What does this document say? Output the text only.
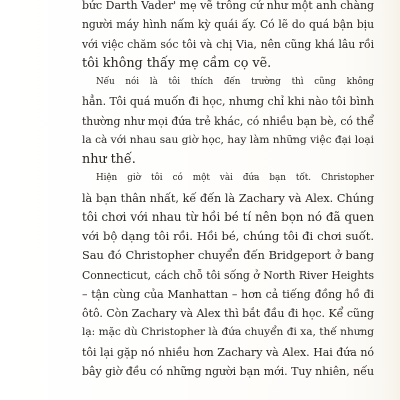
bức Darth Vader' mẹ vẽ trông cứ như một anh chàng
người máy hình nấm kỳ quái ấy. Có lẽ do quá bận bịu
với việc chăm sóc tôi và chị Via, nên cũng khá lâu rồi
tôi không thấy mẹ cầm cọ vẽ.
Nếu nói là tôi thích đến trường thì cũng không
hẳn. Tôi quá muốn đi học, nhưng chỉ khi nào tôi bình
thường như mọi đứa trẻ khác, có nhiều bạn bè, có thể
la cà với nhau sau giờ học, hay làm những việc đại loại
như thế.
Hiện giờ tôi có một vài đứa bạn tốt. Christopher
là bạn thân nhất, kế đến là Zachary và Alex. Chúng
tôi chơi với nhau từ hồi bé tí nên bọn nó đã quen
với bộ dạng tôi rồi. Hồi bé, chúng tôi đi chơi suốt.
Sau đó Christopher chuyển đến Bridgeport ở bang
Connecticut, cách chỗ tôi sống ở North River Heights
– tận cùng của Manhattan – hơn cả tiếng đồng hồ đi
ôtô. Còn Zachary và Alex thì bắt đầu đi học. Kể cũng
lạ: mặc dù Christopher là đứa chuyển đi xa, thế nhưng
tôi lại gặp nó nhiều hơn Zachary và Alex. Hai đứa nó
bây giờ đều có những người bạn mới. Tuy nhiên, nếu
